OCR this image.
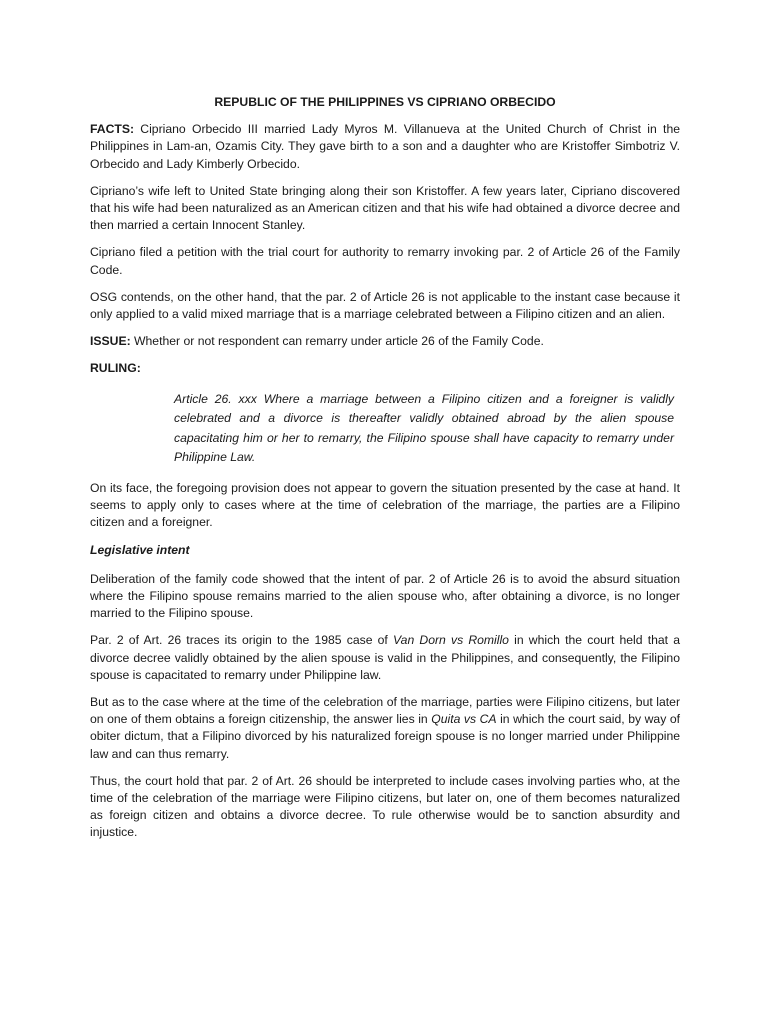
REPUBLIC OF THE PHILIPPINES VS CIPRIANO ORBECIDO

FACTS: Cipriano Orbecido III married Lady Myros M. Villanueva at the United Church of Christ in the Philippines in Lam-an, Ozamis City. They gave birth to a son and a daughter who are Kristoffer Simbotriz V. Orbecido and Lady Kimberly Orbecido.

Cipriano’s wife left to United State bringing along their son Kristoffer. A few years later, Cipriano discovered that his wife had been naturalized as an American citizen and that his wife had obtained a divorce decree and then married a certain Innocent Stanley.

Cipriano filed a petition with the trial court for authority to remarry invoking par. 2 of Article 26 of the Family Code.

OSG contends, on the other hand, that the par. 2 of Article 26 is not applicable to the instant case because it only applied to a valid mixed marriage that is a marriage celebrated between a Filipino citizen and an alien.

ISSUE: Whether or not respondent can remarry under article 26 of the Family Code.

RULING:
Article 26. xxx Where a marriage between a Filipino citizen and a foreigner is validly celebrated and a divorce is thereafter validly obtained abroad by the alien spouse capacitating him or her to remarry, the Filipino spouse shall have capacity to remarry under Philippine Law.

On its face, the foregoing provision does not appear to govern the situation presented by the case at hand. It seems to apply only to cases where at the time of celebration of the marriage, the parties are a Filipino citizen and a foreigner.

Legislative intent

Deliberation of the family code showed that the intent of par. 2 of Article 26 is to avoid the absurd situation where the Filipino spouse remains married to the alien spouse who, after obtaining a divorce, is no longer married to the Filipino spouse.

Par. 2 of Art. 26 traces its origin to the 1985 case of Van Dorn vs Romillo in which the court held that a divorce decree validly obtained by the alien spouse is valid in the Philippines, and consequently, the Filipino spouse is capacitated to remarry under Philippine law.

But as to the case where at the time of the celebration of the marriage, parties were Filipino citizens, but later on one of them obtains a foreign citizenship, the answer lies in Quita vs CA in which the court said, by way of obiter dictum, that a Filipino divorced by his naturalized foreign spouse is no longer married under Philippine law and can thus remarry.

Thus, the court hold that par. 2 of Art. 26 should be interpreted to include cases involving parties who, at the time of the celebration of the marriage were Filipino citizens, but later on, one of them becomes naturalized as foreign citizen and obtains a divorce decree. To rule otherwise would be to sanction absurdity and injustice.
